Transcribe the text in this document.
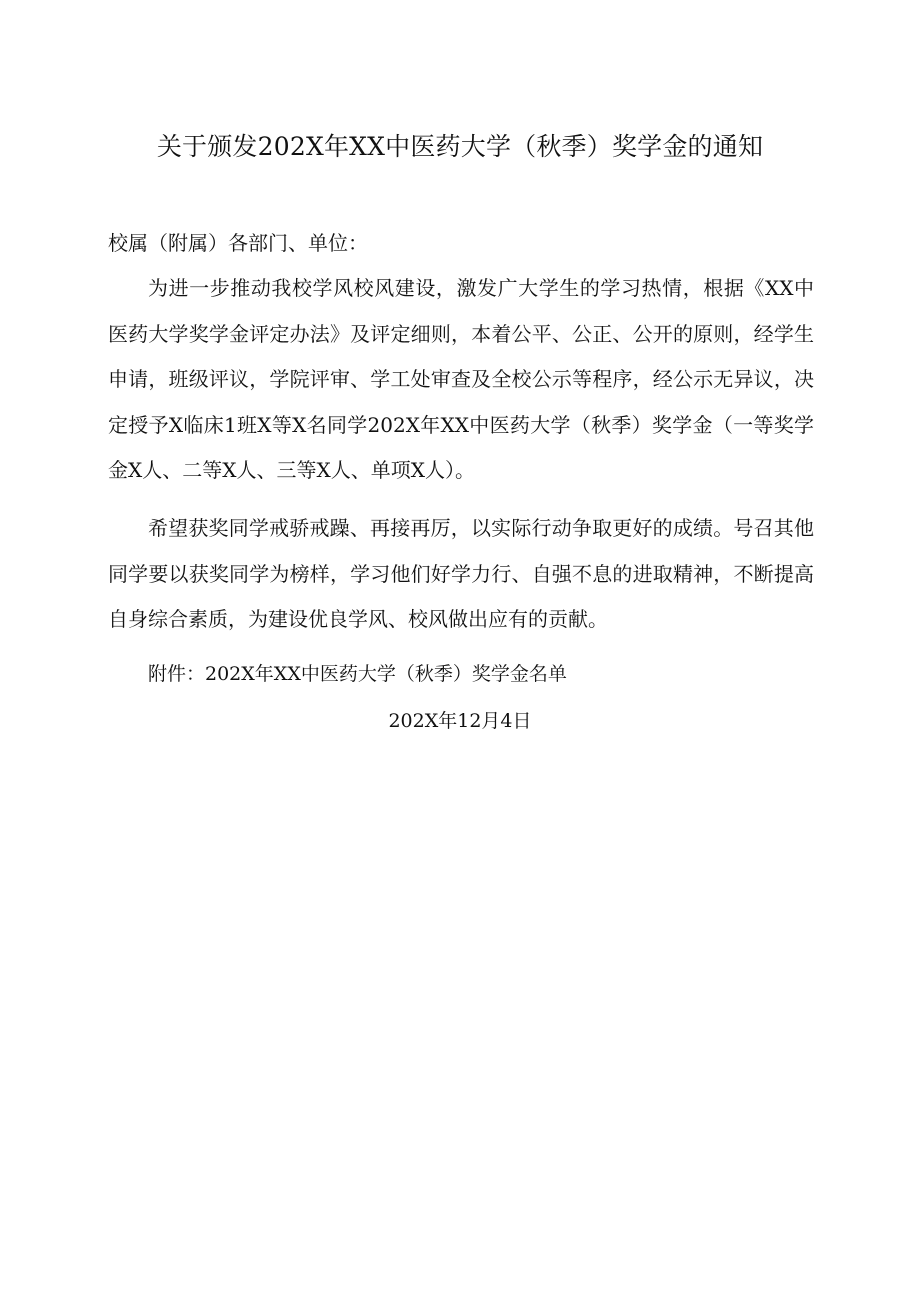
关于颁发202X年XX中医药大学（秋季）奖学金的通知
校属（附属）各部门、单位：
为进一步推动我校学风校风建设，激发广大学生的学习热情，根据《XX中医药大学奖学金评定办法》及评定细则，本着公平、公正、公开的原则，经学生申请，班级评议，学院评审、学工处审查及全校公示等程序，经公示无异议，决定授予X临床1班X等X名同学202X年XX中医药大学（秋季）奖学金（一等奖学金X人、二等X人、三等X人、单项X人）。
希望获奖同学戒骄戒躁、再接再厉，以实际行动争取更好的成绩。号召其他同学要以获奖同学为榜样，学习他们好学力行、自强不息的进取精神，不断提高自身综合素质，为建设优良学风、校风做出应有的贡献。
附件：202X年XX中医药大学（秋季）奖学金名单
202X年12月4日
